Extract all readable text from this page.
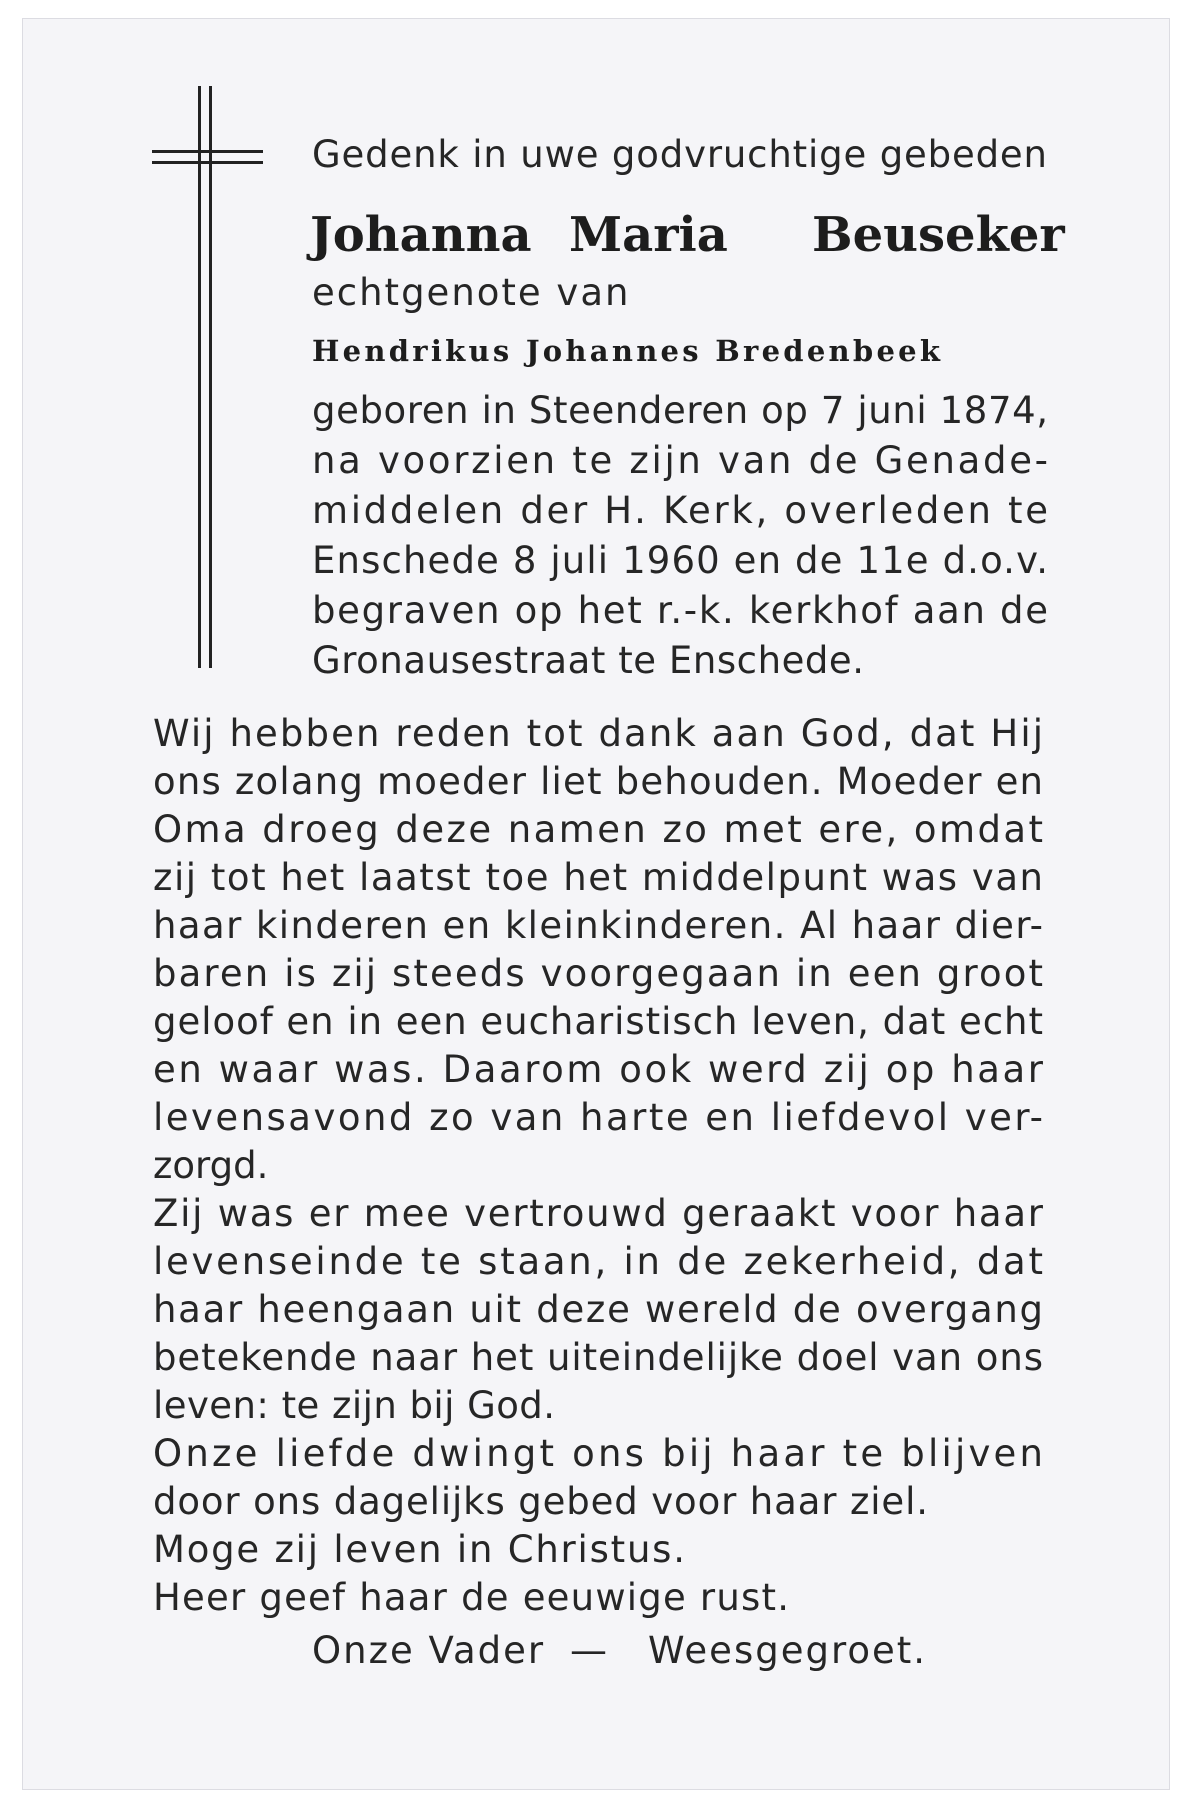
Gedenk in uwe godvruchtige gebeden
Johanna Maria Beuseker
echtgenote van
Hendrikus Johannes Bredenbeek
geboren in Steenderen op 7 juni 1874,
na voorzien te zijn van de Genade-
middelen der H. Kerk, overleden te
Enschede 8 juli 1960 en de 11e d.o.v.
begraven op het r.-k. kerkhof aan de
Gronausestraat te Enschede.
Wij hebben reden tot dank aan God, dat Hij
ons zolang moeder liet behouden. Moeder en
Oma droeg deze namen zo met ere, omdat
zij tot het laatst toe het middelpunt was van
haar kinderen en kleinkinderen. Al haar dier-
baren is zij steeds voorgegaan in een groot
geloof en in een eucharistisch leven, dat echt
en waar was. Daarom ook werd zij op haar
levensavond zo van harte en liefdevol ver-
zorgd.
Zij was er mee vertrouwd geraakt voor haar
levenseinde te staan, in de zekerheid, dat
haar heengaan uit deze wereld de overgang
betekende naar het uiteindelijke doel van ons
leven: te zijn bij God.
Onze liefde dwingt ons bij haar te blijven
door ons dagelijks gebed voor haar ziel.
Moge zij leven in Christus.
Heer geef haar de eeuwige rust.
Onze Vader — Weesgegroet.
